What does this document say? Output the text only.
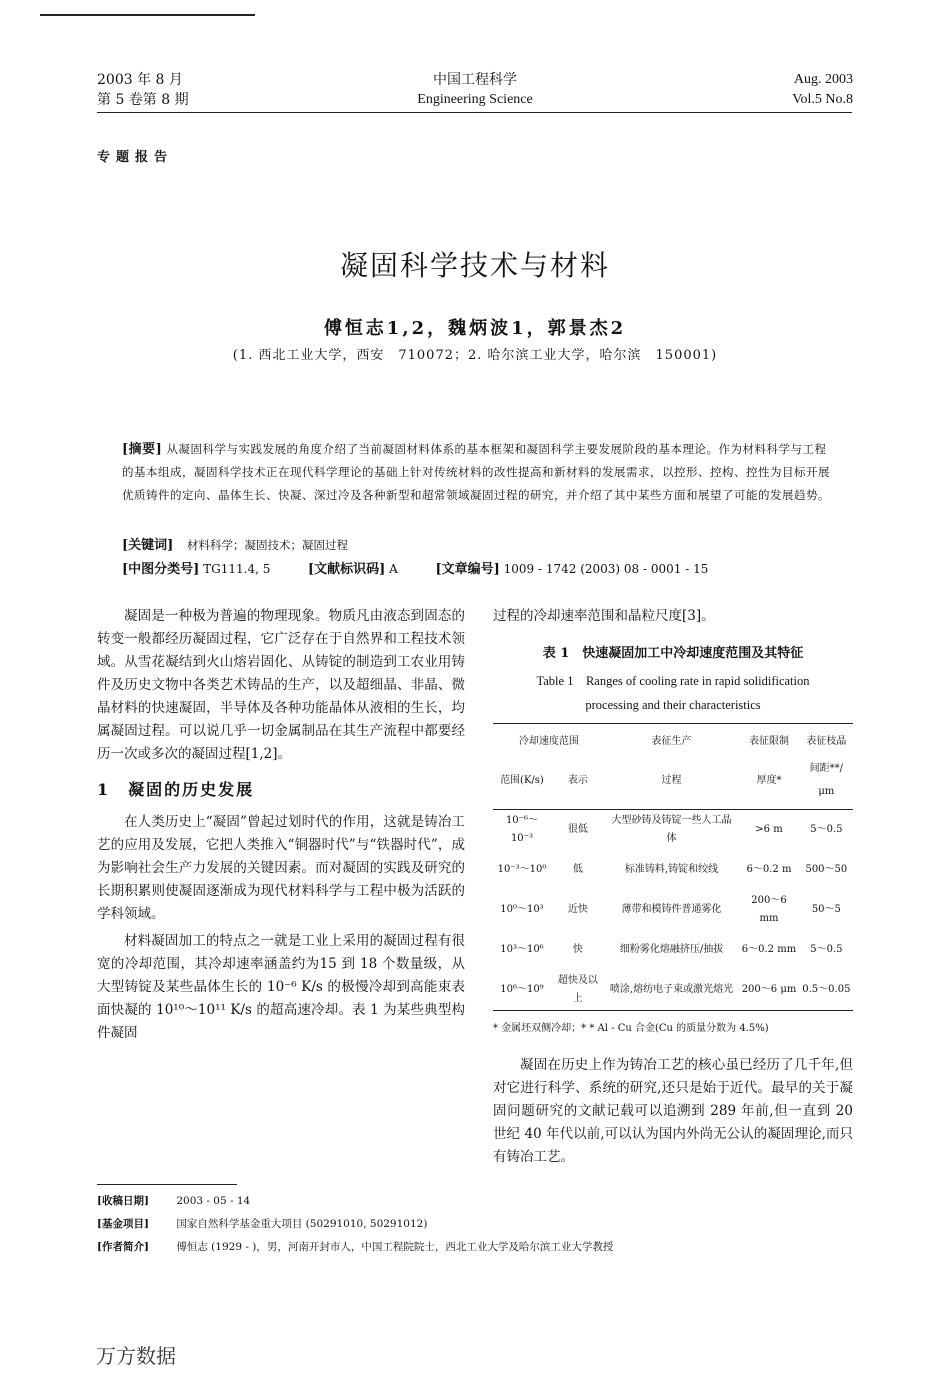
2003 年 8 月
第 5 卷第 8 期
中国工程科学
Engineering Science
Aug. 2003
Vol.5 No.8
专题报告
凝固科学技术与材料
傅恒志1,2，魏炳波1，郭景杰2
(1. 西北工业大学，西安　710072；2. 哈尔滨工业大学，哈尔滨　150001)
[摘要] 从凝固科学与实践发展的角度介绍了当前凝固材料体系的基本框架和凝固科学主要发展阶段的基本理论。作为材料科学与工程的基本组成，凝固科学技术正在现代科学理论的基础上针对传统材料的改性提高和新材料的发展需求，以控形、控构、控性为目标开展优质铸件的定向、晶体生长、快凝、深过冷及各种新型和超常领域凝固过程的研究，并介绍了其中某些方面和展望了可能的发展趋势。
[关键词] 材料科学；凝固技术；凝固过程
[中图分类号] TG111.4, 5	[文献标识码] A	[文章编号] 1009 - 1742 (2003) 08 - 0001 - 15

凝固是一种极为普遍的物理现象。物质凡由液态到固态的转变一般都经历凝固过程，它广泛存在于自然界和工程技术领域。从雪花凝结到火山熔岩固化、从铸锭的制造到工农业用铸件及历史文物中各类艺术铸品的生产，以及超细晶、非晶、微晶材料的快速凝固，半导体及各种功能晶体从液相的生长，均属凝固过程。可以说几乎一切金属制品在其生产流程中都要经历一次或多次的凝固过程[1,2]。

1　凝固的历史发展

在人类历史上“凝固”曾起过划时代的作用，这就是铸冶工艺的应用及发展，它把人类推入“铜器时代”与“铁器时代”，成为影响社会生产力发展的关键因素。而对凝固的实践及研究的长期积累则使凝固逐渐成为现代材料科学与工程中极为活跃的学科领域。

材料凝固加工的特点之一就是工业上采用的凝固过程有很宽的冷却范围，其冷却速率涵盖约为15 到 18 个数量级，从大型铸锭及某些晶体生长的 10⁻⁶ K/s 的极慢冷却到高能束表面快凝的 10¹⁰～10¹¹ K/s 的超高速冷却。表 1 为某些典型构件凝固

过程的冷却速率范围和晶粒尺度[3]。

表 1　快速凝固加工中冷却速度范围及其特征
Table 1　Ranges of cooling rate in rapid solidification
processing and their characteristics
冷却速度范围		表征生产	表征限制	表征枝晶
范围(K/s)	表示	过程	厚度*	间距**/μm
10⁻⁶～10⁻³	很低	大型砂铸及铸锭一些人工晶体	>6 m	5～0.5
10⁻³～10⁰	低	标准铸料,铸锭和绞线	6～0.2 m	500～50
10⁰～10³	近快	薄带和模铸件普通雾化	200～6 mm	50～5
10³～10⁶	快	细粉雾化熔融挤压/抽拔	6～0.2 mm	5～0.5
10⁶～10⁹	超快及以上	喷涂,熔纺电子束或激光熔光	200～6 μm	0.5～0.05
* 金属坯双侧冷却；* * Al - Cu 合金(Cu 的质量分数为 4.5%)

凝固在历史上作为铸冶工艺的核心虽已经历了几千年,但对它进行科学、系统的研究,还只是始于近代。最早的关于凝固问题研究的文献记载可以追溯到 289 年前,但一直到 20 世纪 40 年代以前,可以认为国内外尚无公认的凝固理论,而只有铸冶工艺。

[收稿日期]	2003 - 05 - 14
[基金项目]	国家自然科学基金重大项目 (50291010, 50291012)
[作者简介]	傅恒志 (1929 - )，男，河南开封市人，中国工程院院士，西北工业大学及哈尔滨工业大学教授
万方数据
